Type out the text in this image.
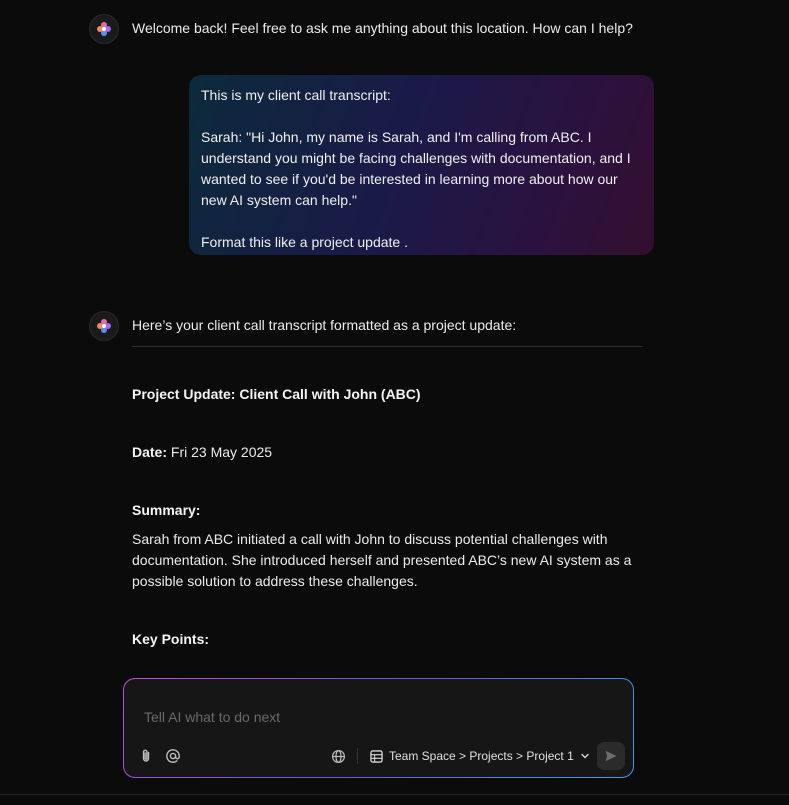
Welcome back! Feel free to ask me anything about this location. How can I help?

This is my client call transcript:

Sarah: "Hi John, my name is Sarah, and I'm calling from ABC. I understand you might be facing challenges with documentation, and I wanted to see if you'd be interested in learning more about how our new AI system can help."

Format this like a project update .

Here’s your client call transcript formatted as a project update:
Project Update: Client Call with John (ABC)
Date: Fri 23 May 2025
Summary:
Sarah from ABC initiated a call with John to discuss potential challenges with documentation. She introduced herself and presented ABC’s new AI system as a possible solution to address these challenges.
Key Points:
Tell AI what to do next
Team Space > Projects > Project 1
